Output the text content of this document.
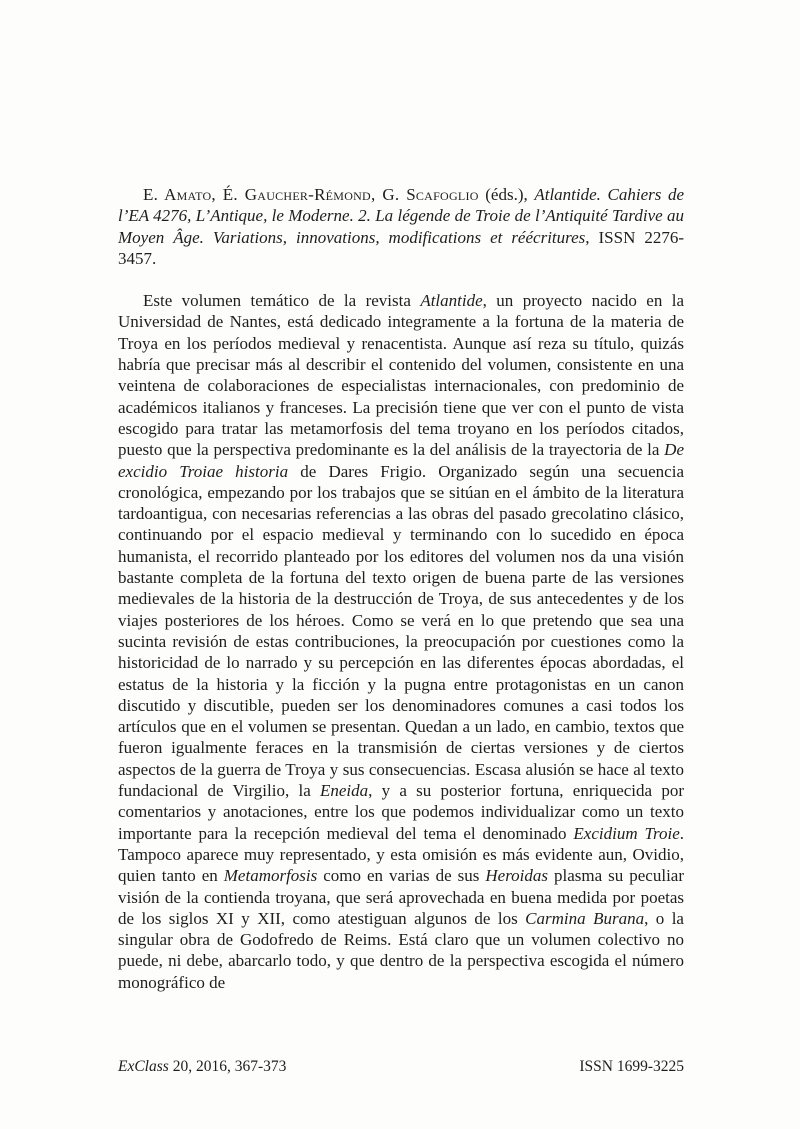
E. Amato, É. Gaucher-Rémond, G. Scafoglio (éds.), Atlantide. Cahiers de l’EA 4276, L’Antique, le Moderne. 2. La légende de Troie de l’Antiquité Tardive au Moyen Âge. Variations, innovations, modifications et réécritures, ISSN 2276-3457.

Este volumen temático de la revista Atlantide, un proyecto nacido en la Universidad de Nantes, está dedicado integramente a la fortuna de la materia de Troya en los períodos medieval y renacentista. Aunque así reza su título, quizás habría que precisar más al describir el contenido del volumen, consistente en una veintena de colaboraciones de especialistas internacionales, con predominio de académicos italianos y franceses. La precisión tiene que ver con el punto de vista escogido para tratar las metamorfosis del tema troyano en los períodos citados, puesto que la perspectiva predominante es la del análisis de la trayectoria de la De excidio Troiae historia de Dares Frigio. Organizado según una secuencia cronológica, empezando por los trabajos que se sitúan en el ámbito de la literatura tardoantigua, con necesarias referencias a las obras del pasado grecolatino clásico, continuando por el espacio medieval y terminando con lo sucedido en época humanista, el recorrido planteado por los editores del volumen nos da una visión bastante completa de la fortuna del texto origen de buena parte de las versiones medievales de la historia de la destrucción de Troya, de sus antecedentes y de los viajes posteriores de los héroes. Como se verá en lo que pretendo que sea una sucinta revisión de estas contribuciones, la preocupación por cuestiones como la historicidad de lo narrado y su percepción en las diferentes épocas abordadas, el estatus de la historia y la ficción y la pugna entre protagonistas en un canon discutido y discutible, pueden ser los denominadores comunes a casi todos los artículos que en el volumen se presentan. Quedan a un lado, en cambio, textos que fueron igualmente feraces en la transmisión de ciertas versiones y de ciertos aspectos de la guerra de Troya y sus consecuencias. Escasa alusión se hace al texto fundacional de Virgilio, la Eneida, y a su posterior fortuna, enriquecida por comentarios y anotaciones, entre los que podemos individualizar como un texto importante para la recepción medieval del tema el denominado Excidium Troie. Tampoco aparece muy representado, y esta omisión es más evidente aun, Ovidio, quien tanto en Metamorfosis como en varias de sus Heroidas plasma su peculiar visión de la contienda troyana, que será aprovechada en buena medida por poetas de los siglos XI y XII, como atestiguan algunos de los Carmina Burana, o la singular obra de Godofredo de Reims. Está claro que un volumen colectivo no puede, ni debe, abarcarlo todo, y que dentro de la perspectiva escogida el número monográfico de

ExClass 20, 2016, 367-373	ISSN 1699-3225
